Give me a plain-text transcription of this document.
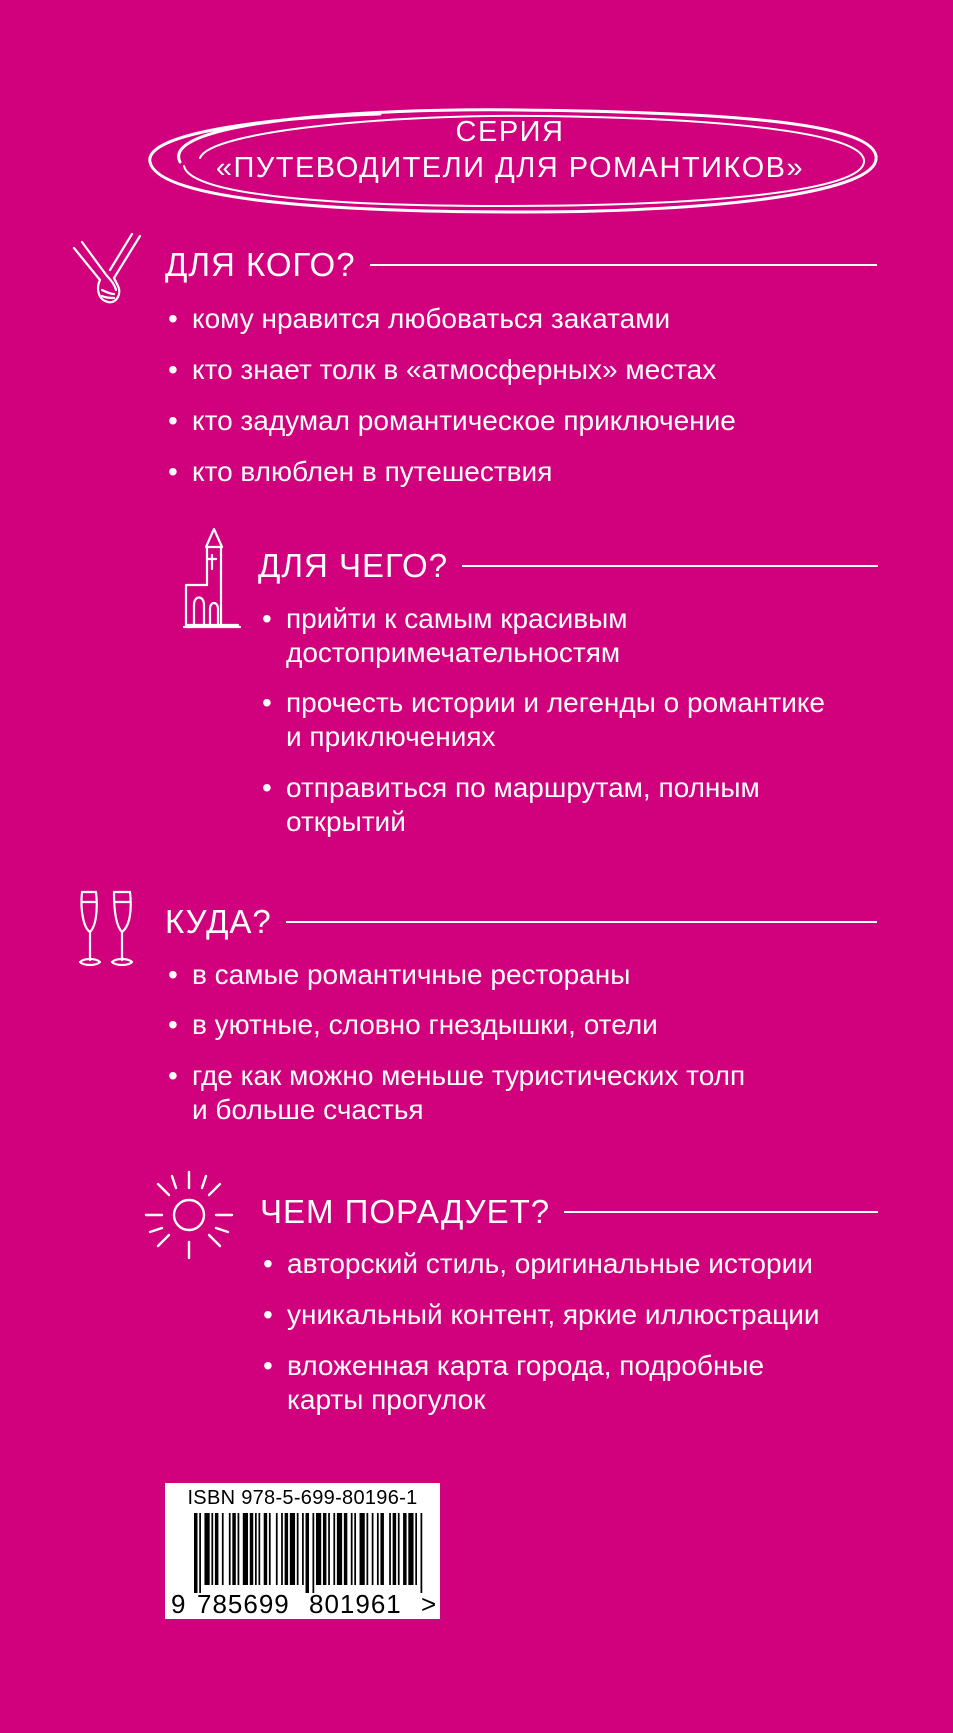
СЕРИЯ
«ПУТЕВОДИТЕЛИ ДЛЯ РОМАНТИКОВ»
ДЛЯ КОГО?
• кому нравится любоваться закатами
• кто знает толк в «атмосферных» местах
• кто задумал романтическое приключение
• кто влюблен в путешествия
ДЛЯ ЧЕГО?
• прийти к самым красивым
достопримечательностям
• прочесть истории и легенды о романтике
и приключениях
• отправиться по маршрутам, полным
открытий
КУДА?
• в самые романтичные рестораны
• в уютные, словно гнездышки, отели
• где как можно меньше туристических толп
и больше счастья
ЧЕМ ПОРАДУЕТ?
• авторский стиль, оригинальные истории
• уникальный контент, яркие иллюстрации
• вложенная карта города, подробные
карты прогулок
ISBN 978-5-699-80196-1
9 785699 801961 >
